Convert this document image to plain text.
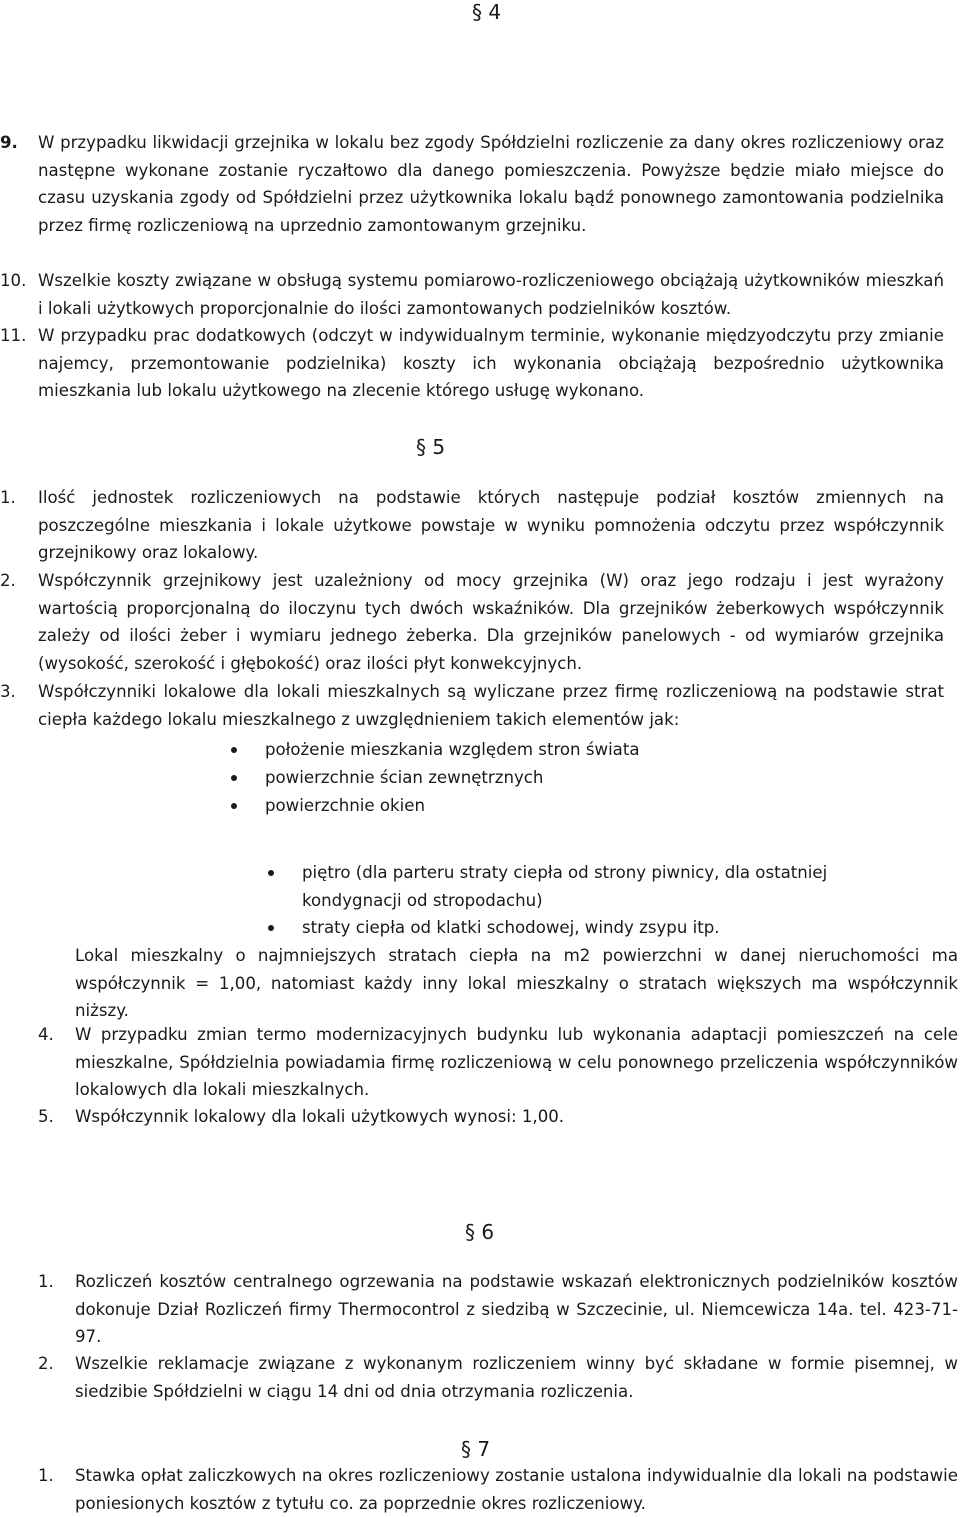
§ 4
9. W przypadku likwidacji grzejnika w lokalu bez zgody Spółdzielni rozliczenie za dany okres rozliczeniowy oraz następne wykonane zostanie ryczałtowo dla danego pomieszczenia. Powyższe będzie miało miejsce do czasu uzyskania zgody od Spółdzielni przez użytkownika lokalu bądź ponownego zamontowania podzielnika przez firmę rozliczeniową na uprzednio zamontowanym grzejniku.
10. Wszelkie koszty związane w obsługą systemu pomiarowo-rozliczeniowego obciążają użytkowników mieszkań i lokali użytkowych proporcjonalnie do ilości zamontowanych podzielników kosztów.
11. W przypadku prac dodatkowych (odczyt w indywidualnym terminie, wykonanie międzyodczytu przy zmianie najemcy, przemontowanie podzielnika) koszty ich wykonania obciążają bezpośrednio użytkownika mieszkania lub lokalu użytkowego na zlecenie którego usługę wykonano.
§ 5
1. Ilość jednostek rozliczeniowych na podstawie których następuje podział kosztów zmiennych na poszczególne mieszkania i lokale użytkowe powstaje w wyniku pomnożenia odczytu przez współczynnik grzejnikowy oraz lokalowy.
2. Współczynnik grzejnikowy jest uzależniony od mocy grzejnika (W) oraz jego rodzaju i jest wyrażony wartością proporcjonalną do iloczynu tych dwóch wskaźników. Dla grzejników żeberkowych współczynnik zależy od ilości żeber i wymiaru jednego żeberka. Dla grzejników panelowych - od wymiarów grzejnika (wysokość, szerokość i głębokość) oraz ilości płyt konwekcyjnych.
3. Współczynniki lokalowe dla lokali mieszkalnych są wyliczane przez firmę rozliczeniową na podstawie strat ciepła każdego lokalu mieszkalnego z uwzględnieniem takich elementów jak:
położenie mieszkania względem stron świata
powierzchnie ścian zewnętrznych
powierzchnie okien
piętro (dla parteru straty ciepła od strony piwnicy, dla ostatniej
kondygnacji od stropodachu)
straty ciepła od klatki schodowej, windy zsypu itp.
Lokal mieszkalny o najmniejszych stratach ciepła na m2 powierzchni w danej nieruchomości ma współczynnik = 1,00, natomiast każdy inny lokal mieszkalny o stratach większych ma współczynnik niższy.
4. W przypadku zmian termo modernizacyjnych budynku lub wykonania adaptacji pomieszczeń na cele mieszkalne, Spółdzielnia powiadamia firmę rozliczeniową w celu ponownego przeliczenia współczynników lokalowych dla lokali mieszkalnych.
5. Współczynnik lokalowy dla lokali użytkowych wynosi: 1,00.
§ 6
1. Rozliczeń kosztów centralnego ogrzewania na podstawie wskazań elektronicznych podzielników kosztów dokonuje Dział Rozliczeń firmy Thermocontrol z siedzibą w Szczecinie, ul. Niemcewicza 14a. tel. 423-71-97.
2. Wszelkie reklamacje związane z wykonanym rozliczeniem winny być składane w formie pisemnej, w siedzibie Spółdzielni w ciągu 14 dni od dnia otrzymania rozliczenia.
§ 7
1. Stawka opłat zaliczkowych na okres rozliczeniowy zostanie ustalona indywidualnie dla lokali na podstawie poniesionych kosztów z tytułu co. za poprzednie okres rozliczeniowy.
